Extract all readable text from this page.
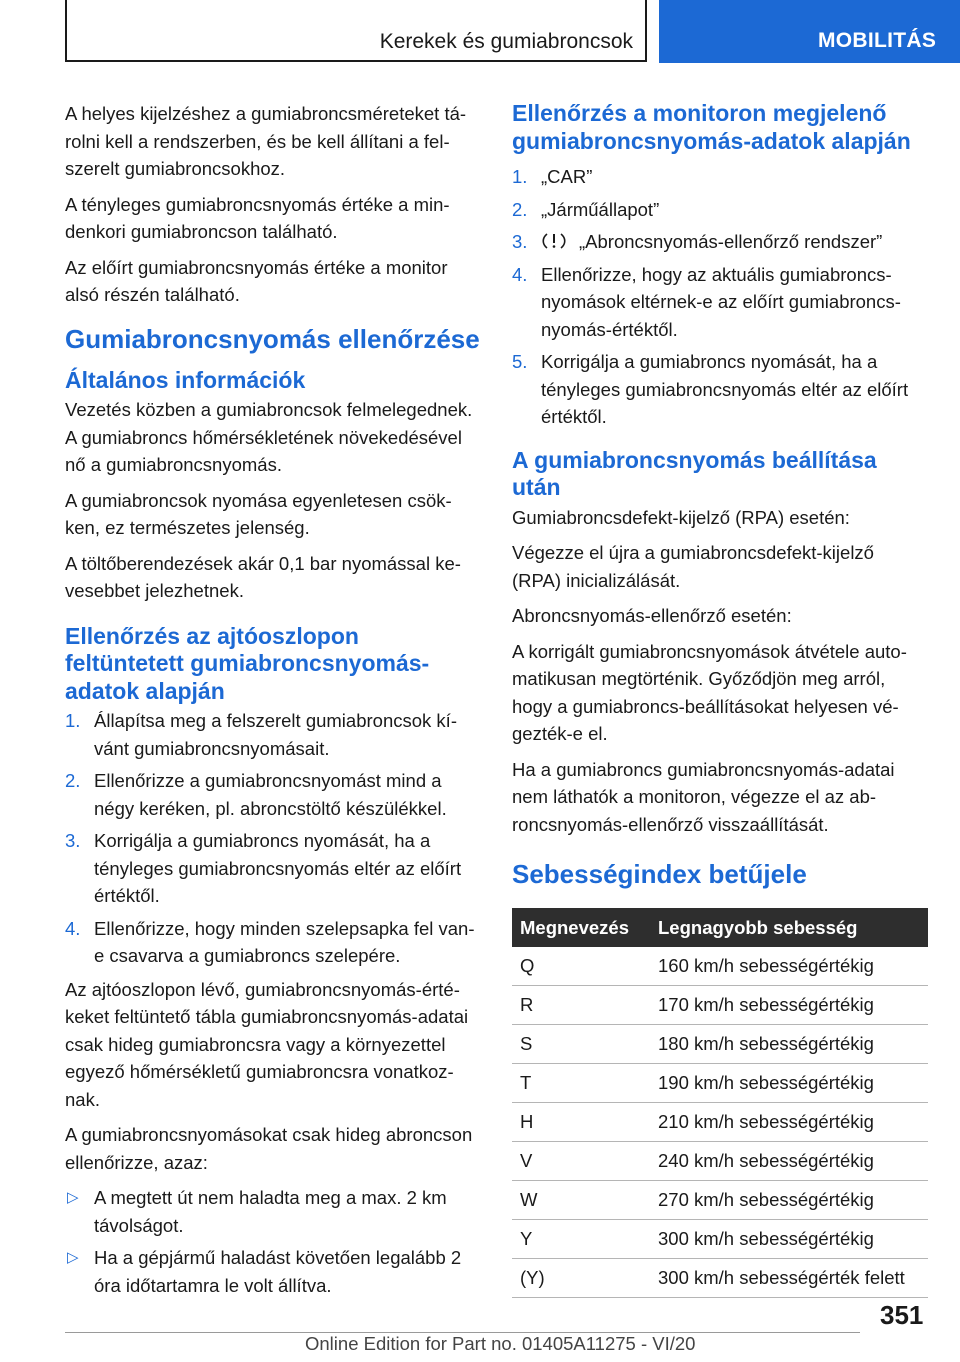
Kerekek és gumiabroncsok	MOBILITÁS

A helyes kijelzéshez a gumiabroncsméreteket tárolni kell a rendszerben, és be kell állítani a felszerelt gumiabroncsokhoz.

A tényleges gumiabroncsnyomás értéke a mindenkori gumiabroncson található.

Az előírt gumiabroncsnyomás értéke a monitor alsó részén található.

Gumiabroncsnyomás ellenőrzése
Általános információk

Vezetés közben a gumiabroncsok felmelegednek. A gumiabroncs hőmérsékletének növekedésével nő a gumiabroncsnyomás.

A gumiabroncsok nyomása egyenletesen csökken, ez természetes jelenség.

A töltőberendezések akár 0,1 bar nyomással kevesebbet jelezhetnek.

Ellenőrzés az ajtóoszlopon feltüntetett gumiabroncsnyomásadatok alapján
1. Állapítsa meg a felszerelt gumiabroncsok kívánt gumiabroncsnyomásait.
2. Ellenőrizze a gumiabroncsnyomást mind a négy keréken, pl. abroncstöltő készülékkel.
3. Korrigálja a gumiabroncs nyomását, ha a tényleges gumiabroncsnyomás eltér az előírt értéktől.
4. Ellenőrizze, hogy minden szelepsapka fel van-e csavarva a gumiabroncs szelepére.

Az ajtóoszlopon lévő, gumiabroncsnyomás-értékeket feltüntető tábla gumiabroncsnyomás-adatai csak hideg gumiabroncsra vagy a környezettel egyező hőmérsékletű gumiabroncsra vonatkoznak.

A gumiabroncsnyomásokat csak hideg abroncson ellenőrizze, azaz:

▷ A megtett út nem haladta meg a max. 2 km távolságot.
▷ Ha a gépjármű haladást követően legalább 2 óra időtartamra le volt állítva.
Ellenőrzés a monitoron megjelenő gumiabroncsnyomás-adatok alapján
1. „CAR”
2. „Járműállapot”
3.	„Abroncsnyomás-ellenőrző rendszer”
4. Ellenőrizze, hogy az aktuális gumiabroncsnyomások eltérnek-e az előírt gumiabroncsnyomás-értéktől.
5. Korrigálja a gumiabroncs nyomását, ha a tényleges gumiabroncsnyomás eltér az előírt értéktől.
A gumiabroncsnyomás beállítása után

Gumiabroncsdefekt-kijelző (RPA) esetén:

Végezze el újra a gumiabroncsdefekt-kijelző (RPA) inicializálását.

Abroncsnyomás-ellenőrző esetén:

A korrigált gumiabroncsnyomások átvétele automatikusan megtörténik. Győződjön meg arról, hogy a gumiabroncs-beállításokat helyesen végezték-e el.

Ha a gumiabroncs gumiabroncsnyomás-adatai nem láthatók a monitoron, végezze el az abroncsnyomás-ellenőrző visszaállítását.

Sebességindex betűjele
Megnevezés	Legnagyobb sebesség
Q	160 km/h sebességértékig
R	170 km/h sebességértékig
S	180 km/h sebességértékig
T	190 km/h sebességértékig
H	210 km/h sebességértékig
V	240 km/h sebességértékig
W	270 km/h sebességértékig
Y	300 km/h sebességértékig
(Y)	300 km/h sebességérték felett
351
Online Edition for Part no. 01405A11275 - VI/20
